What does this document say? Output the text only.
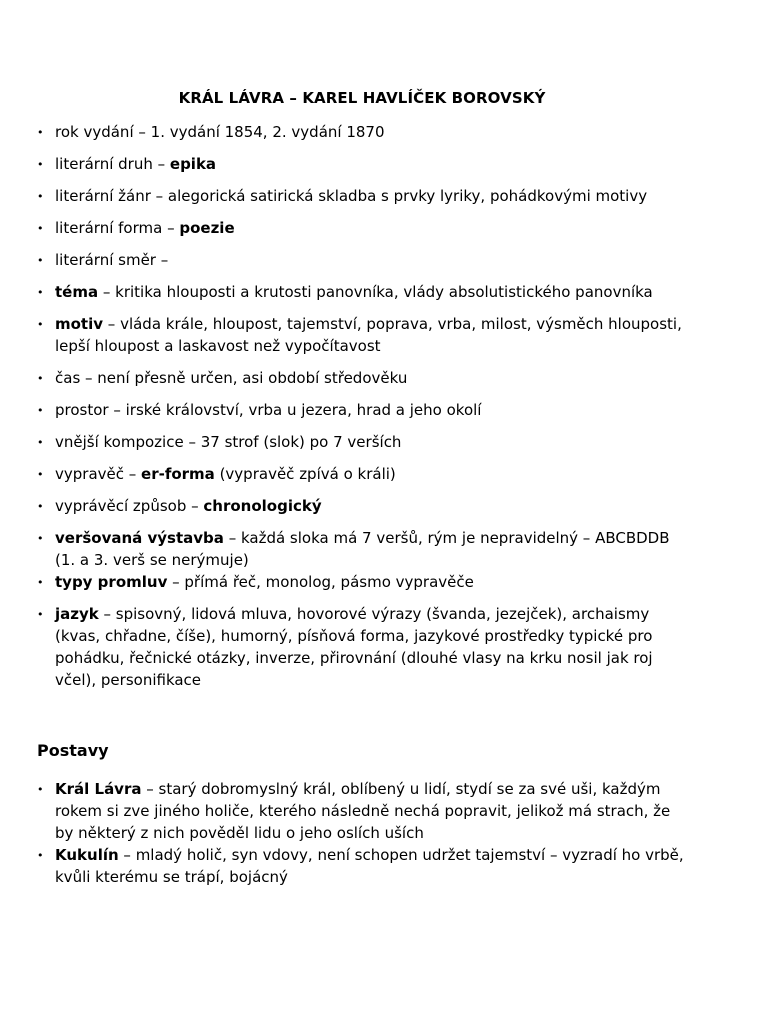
KRÁL LÁVRA – KAREL HAVLÍČEK BOROVSKÝ
• rok vydání – 1. vydání 1854, 2. vydání 1870
• literární druh – epika
• literární žánr – alegorická satirická skladba s prvky lyriky, pohádkovými motivy
• literární forma – poezie
• literární směr –
• téma – kritika hlouposti a krutosti panovníka, vlády absolutistického panovníka
• motiv – vláda krále, hloupost, tajemství, poprava, vrba, milost, výsměch hlouposti, lepší hloupost a laskavost než vypočítavost
• čas – není přesně určen, asi období středověku
• prostor – irské království, vrba u jezera, hrad a jeho okolí
• vnější kompozice – 37 strof (slok) po 7 verších
• vypravěč – er-forma (vypravěč zpívá o králi)
• vyprávěcí způsob – chronologický
• veršovaná výstavba – každá sloka má 7 veršů, rým je nepravidelný – ABCBDDB (1. a 3. verš se nerýmuje)
• typy promluv – přímá řeč, monolog, pásmo vypravěče
• jazyk – spisovný, lidová mluva, hovorové výrazy (švanda, jezejček), archaismy (kvas, chřadne, číše), humorný, písňová forma, jazykové prostředky typické pro pohádku, řečnické otázky, inverze, přirovnání (dlouhé vlasy na krku nosil jak roj včel), personifikace
Postavy
• Král Lávra – starý dobromyslný král, oblíbený u lidí, stydí se za své uši, každým rokem si zve jiného holiče, kterého následně nechá popravit, jelikož má strach, že by některý z nich pověděl lidu o jeho oslích uších
• Kukulín – mladý holič, syn vdovy, není schopen udržet tajemství – vyzradí ho vrbě, kvůli kterému se trápí, bojácný
